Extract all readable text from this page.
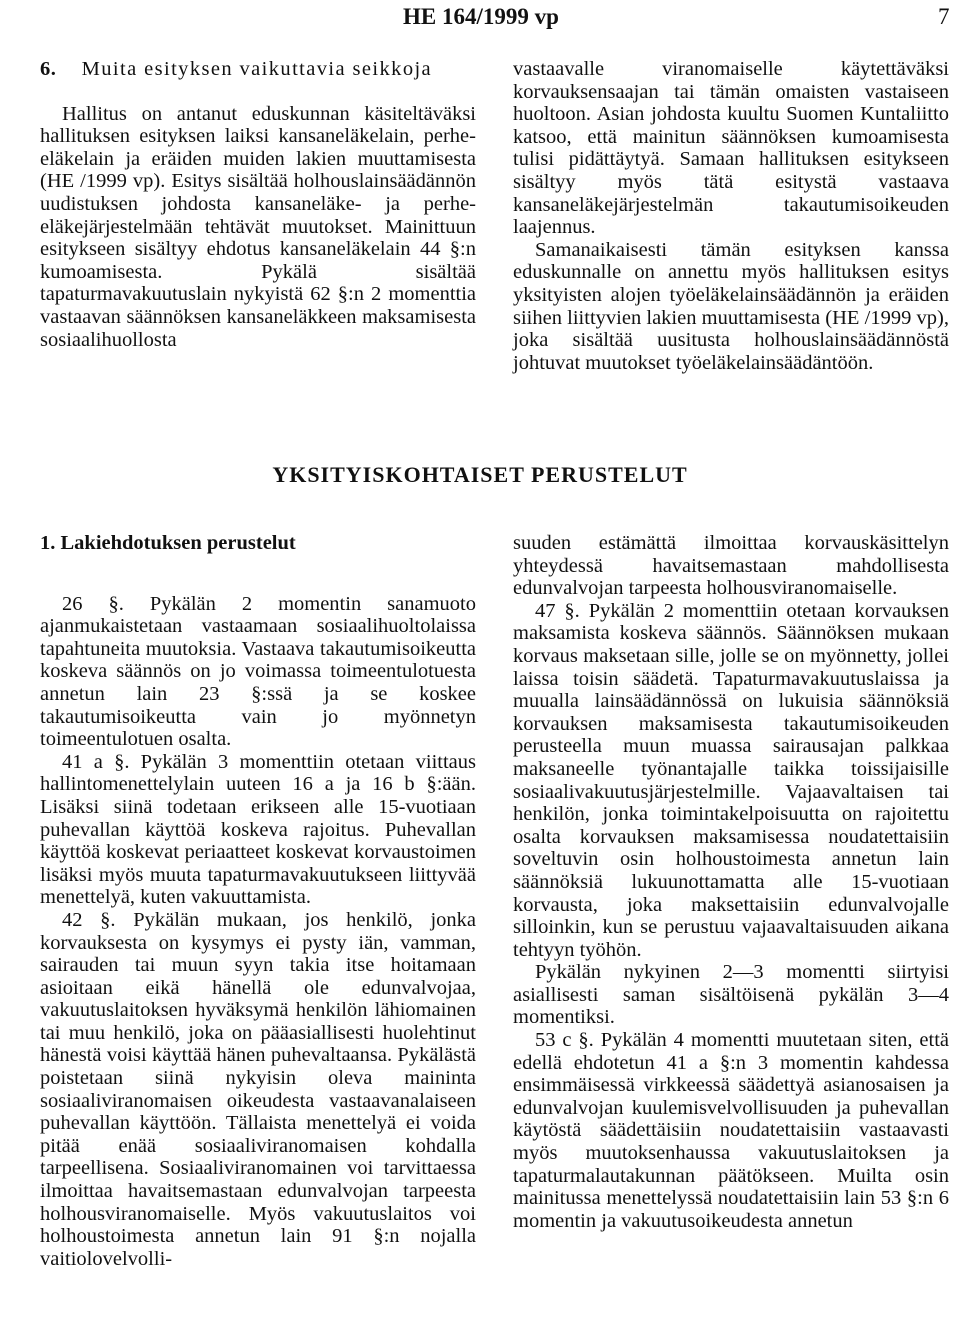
HE 164/1999 vp	7
6. Muita esityksen vaikuttavia seikkoja

Hallitus on antanut eduskunnan käsiteltäväksi hallituksen esityksen laiksi kansaneläkelain, perhe-eläkelain ja eräiden muiden lakien muuttamisesta (HE /1999 vp). Esitys sisältää holhouslainsäädännön uudistuksen johdosta kansaneläke- ja perhe-eläkejärjestelmään tehtävät muutokset. Mainittuun esitykseen sisältyy ehdotus kansaneläkelain 44 §:n kumoamisesta. Pykälä sisältää tapaturmavakuutuslain nykyistä 62 §:n 2 momenttia vastaavan säännöksen kansaneläkkeen maksamisesta sosiaalihuollosta

vastaavalle viranomaiselle käytettäväksi korvauksensaajan tai tämän omaisten vastaiseen huoltoon. Asian johdosta kuultu Suomen Kuntaliitto katsoo, että mainitun säännöksen kumoamisesta tulisi pidättäytyä. Samaan hallituksen esitykseen sisältyy myös tätä esitystä vastaava kansaneläkejärjestelmän takautumisoikeuden laajennus.

Samanaikaisesti tämän esityksen kanssa eduskunnalle on annettu myös hallituksen esitys yksityisten alojen työeläkelainsäädännön ja eräiden siihen liittyvien lakien muuttamisesta (HE /1999 vp), joka sisältää uusitusta holhouslainsäädännöstä johtuvat muutokset työeläkelainsäädäntöön.

YKSITYISKOHTAISET PERUSTELUT
1. Lakiehdotuksen perustelut

26 §. Pykälän 2 momentin sanamuoto ajanmukaistetaan vastaamaan sosiaalihuoltolaissa tapahtuneita muutoksia. Vastaava takautumisoikeutta koskeva säännös on jo voimassa toimeentulotuesta annetun lain 23 §:ssä ja se koskee takautumisoikeutta vain jo myönnetyn toimeentulotuen osalta.

41 a §. Pykälän 3 momenttiin otetaan viittaus hallintomenettelylain uuteen 16 a ja 16 b §:ään. Lisäksi siinä todetaan erikseen alle 15-vuotiaan puhevallan käyttöä koskeva rajoitus. Puhevallan käyttöä koskevat periaatteet koskevat korvaustoimen lisäksi myös muuta tapaturmavakuutukseen liittyvää menettelyä, kuten vakuuttamista.

42 §. Pykälän mukaan, jos henkilö, jonka korvauksesta on kysymys ei pysty iän, vamman, sairauden tai muun syyn takia itse hoitamaan asioitaan eikä hänellä ole edunvalvojaa, vakuutuslaitoksen hyväksymä henkilön lähiomainen tai muu henkilö, joka on pääasiallisesti huolehtinut hänestä voisi käyttää hänen puhevaltaansa. Pykälästä poistetaan siinä nykyisin oleva maininta sosiaaliviranomaisen oikeudesta vastaavanalaiseen puhevallan käyttöön. Tällaista menettelyä ei voida pitää enää sosiaaliviranomaisen kohdalla tarpeellisena. Sosiaaliviranomainen voi tarvittaessa ilmoittaa havaitsemastaan edunvalvojan tarpeesta holhousviranomaiselle. Myös vakuutuslaitos voi holhoustoimesta annetun lain 91 §:n nojalla vaitiolovelvolli-

suuden estämättä ilmoittaa korvauskäsittelyn yhteydessä havaitsemastaan mahdollisesta edunvalvojan tarpeesta holhousviranomaiselle.

47 §. Pykälän 2 momenttiin otetaan korvauksen maksamista koskeva säännös. Säännöksen mukaan korvaus maksetaan sille, jolle se on myönnetty, jollei laissa toisin säädetä. Tapaturmavakuutuslaissa ja muualla lainsäädännössä on lukuisia säännöksiä korvauksen maksamisesta takautumisoikeuden perusteella muun muassa sairausajan palkkaa maksaneelle työnantajalle taikka toissijaisille sosiaalivakuutusjärjestelmille. Vajaavaltaisen tai henkilön, jonka toimintakelpoisuutta on rajoitettu osalta korvauksen maksamisessa noudatettaisiin soveltuvin osin holhoustoimesta annetun lain säännöksiä lukuunottamatta alle 15-vuotiaan korvausta, joka maksettaisiin edunvalvojalle silloinkin, kun se perustuu vajaavaltaisuuden aikana tehtyyn työhön.

Pykälän nykyinen 2—3 momentti siirtyisi asiallisesti saman sisältöisenä pykälän 3—4 momentiksi.

53 c §. Pykälän 4 momentti muutetaan siten, että edellä ehdotetun 41 a §:n 3 momentin kahdessa ensimmäisessä virkkeessä säädettyä asianosaisen ja edunvalvojan kuulemisvelvollisuuden ja puhevallan käytöstä säädettäisiin noudatettaisiin vastaavasti myös muutoksenhaussa vakuutuslaitoksen ja tapaturmalautakunnan päätökseen. Muilta osin mainitussa menettelyssä noudatettaisiin lain 53 §:n 6 momentin ja vakuutusoikeudesta annetun
